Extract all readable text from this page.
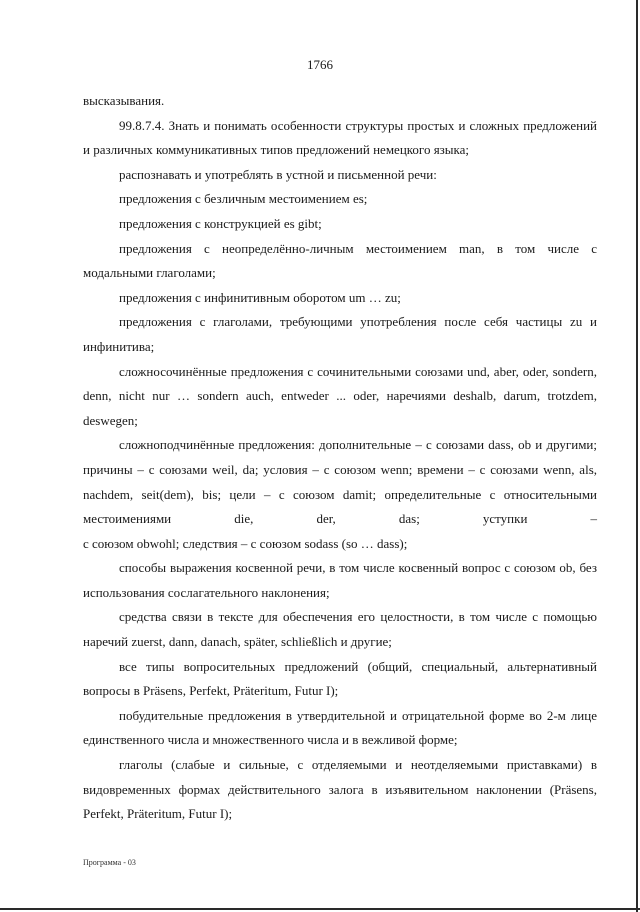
1766

высказывания.

99.8.7.4. Знать и понимать особенности структуры простых и сложных предложений и различных коммуникативных типов предложений немецкого языка;

распознавать и употреблять в устной и письменной речи:

предложения с безличным местоимением es;

предложения с конструкцией es gibt;

предложения с неопределённо-личным местоимением man, в том числе с модальными глаголами;

предложения с инфинитивным оборотом um … zu;

предложения с глаголами, требующими употребления после себя частицы zu и инфинитива;

сложносочинённые предложения с сочинительными союзами und, aber, oder, sondern, denn, nicht nur … sondern auch, entweder ... oder, наречиями deshalb, darum, trotzdem, deswegen;

сложноподчинённые предложения: дополнительные – с союзами dass, ob и другими; причины – с союзами weil, da; условия – с союзом wenn; времени – с союзами wenn, als, nachdem, seit(dem), bis; цели – с союзом damit; определительные с относительными местоимениями die, der, das; уступки –

с союзом obwohl; следствия – с союзом sodass (so … dass);

способы выражения косвенной речи, в том числе косвенный вопрос с союзом ob, без использования сослагательного наклонения;

средства связи в тексте для обеспечения его целостности, в том числе с помощью наречий zuerst, dann, danach, später, schließlich и другие;

все типы вопросительных предложений (общий, специальный, альтернативный вопросы в Präsens, Perfekt, Präteritum, Futur I);

побудительные предложения в утвердительной и отрицательной форме во 2-м лице единственного числа и множественного числа и в вежливой форме;

глаголы (слабые и сильные, с отделяемыми и неотделяемыми приставками) в видовременных формах действительного залога в изъявительном наклонении (Präsens, Perfekt, Präteritum, Futur I);

Программа - 03
